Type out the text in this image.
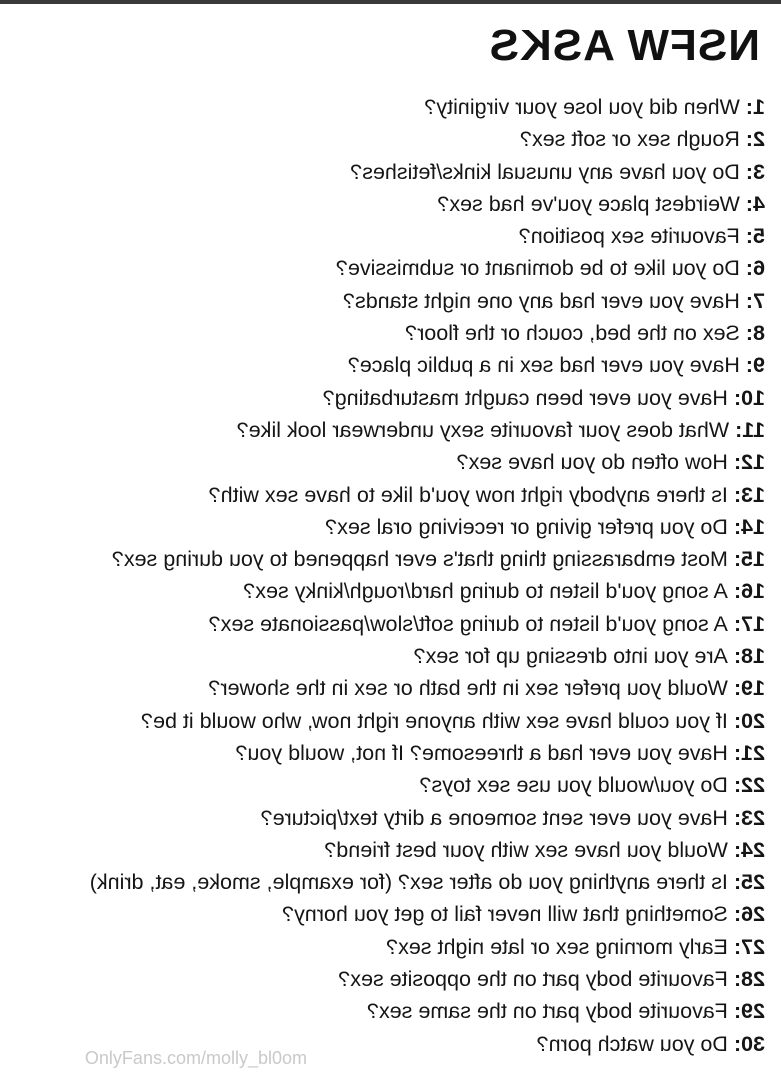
NSFW ASKS
1:When did you lose your virginity?
2:Rough sex or soft sex?
3:Do you have any unusual kinks/fetishes?
4:Weirdest place you've had sex?
5:Favourite sex position?
6:Do you like to be dominant or submissive?
7:Have you ever had any one night stands?
8:Sex on the bed, couch or the floor?
9:Have you ever had sex in a public place?
10:Have you ever been caught masturbating?
11:What does your favourite sexy underwear look like?
12:How often do you have sex?
13:Is there anybody right now you'd like to have sex with?
14:Do you prefer giving or receiving oral sex?
15:Most embarassing thing that's ever happened to you during sex?
16:A song you'd listen to during hard/rough/kinky sex?
17:A song you'd listen to during soft/slow/passionate sex?
18:Are you into dressing up for sex?
19:Would you prefer sex in the bath or sex in the shower?
20:If you could have sex with anyone right now, who would it be?
21:Have you ever had a threesome? If not, would you?
22:Do you/would you use sex toys?
23:Have you ever sent someone a dirty text/picture?
24:Would you have sex with your best friend?
25:Is there anything you do after sex? (for example, smoke, eat, drink)
26:Something that will never fail to get you horny?
27:Early morning sex or late night sex?
28:Favourite body part on the opposite sex?
29:Favourite body part on the same sex?
30:Do you watch porn?
OnlyFans.com/molly_bl0om
